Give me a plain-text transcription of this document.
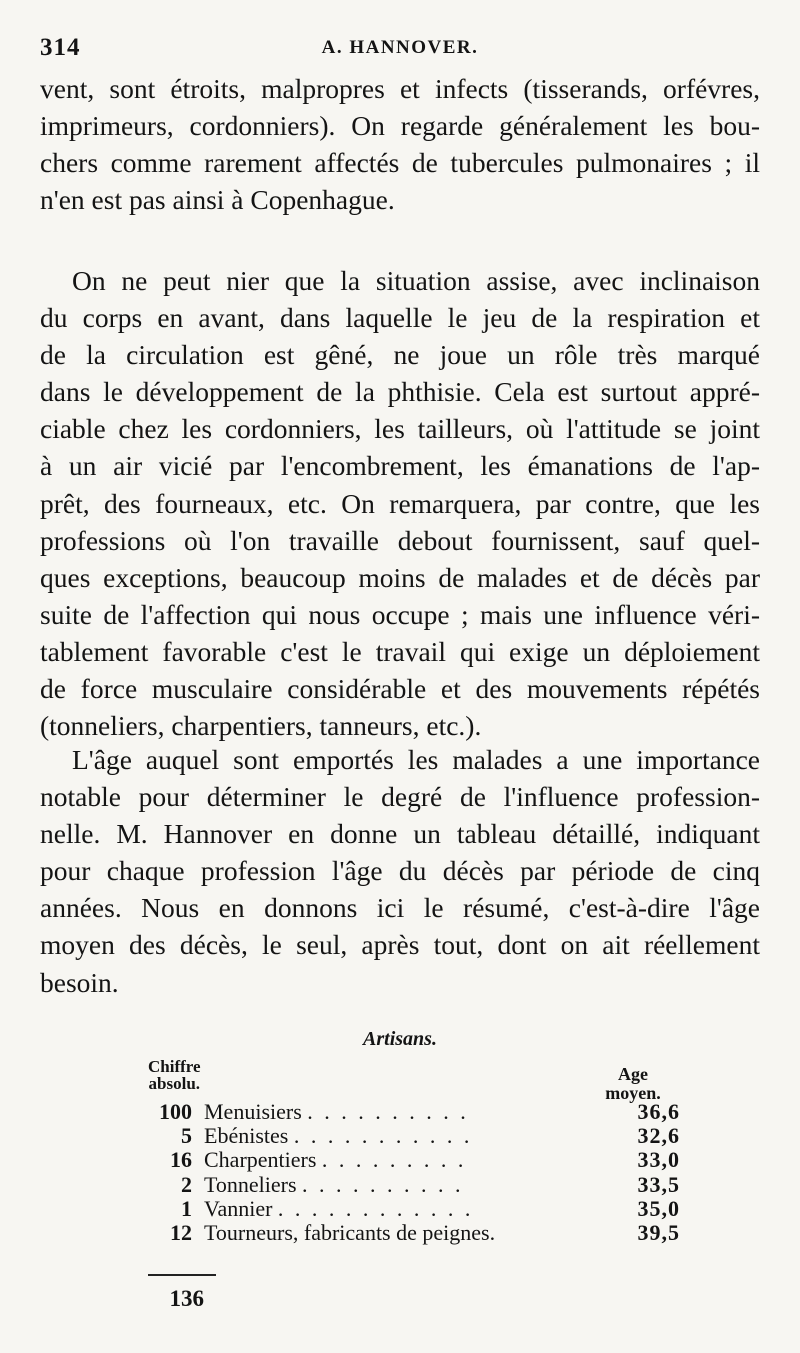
314	A. HANNOVER.
vent, sont étroits, malpropres et infects (tisserands, orfévres,
imprimeurs, cordonniers). On regarde généralement les bou-
chers comme rarement affectés de tubercules pulmonaires ; il
n'en est pas ainsi à Copenhague.
On ne peut nier que la situation assise, avec inclinaison
du corps en avant, dans laquelle le jeu de la respiration et
de la circulation est gêné, ne joue un rôle très marqué
dans le développement de la phthisie. Cela est surtout appré-
ciable chez les cordonniers, les tailleurs, où l'attitude se joint
à un air vicié par l'encombrement, les émanations de l'ap-
prêt, des fourneaux, etc. On remarquera, par contre, que les
professions où l'on travaille debout fournissent, sauf quel-
ques exceptions, beaucoup moins de malades et de décès par
suite de l'affection qui nous occupe ; mais une influence véri-
tablement favorable c'est le travail qui exige un déploiement
de force musculaire considérable et des mouvements répétés
(tonneliers, charpentiers, tanneurs, etc.).
L'âge auquel sont emportés les malades a une importance
notable pour déterminer le degré de l'influence profession-
nelle. M. Hannover en donne un tableau détaillé, indiquant
pour chaque profession l'âge du décès par période de cinq
années. Nous en donnons ici le résumé, c'est-à-dire l'âge
moyen des décès, le seul, après tout, dont on ait réellement
besoin.
Artisans.
Chiffre
absolu.	Age
moyen.
100 Menuisiers . . . . . . . . . .	36,6
5 Ebénistes . . . . . . . . . . .	32,6
16 Charpentiers . . . . . . . . .	33,0
2 Tonneliers . . . . . . . . . .	33,5
1 Vannier . . . . . . . . . . . .	35,0
12 Tourneurs, fabricants de peignes.	39,5
136
